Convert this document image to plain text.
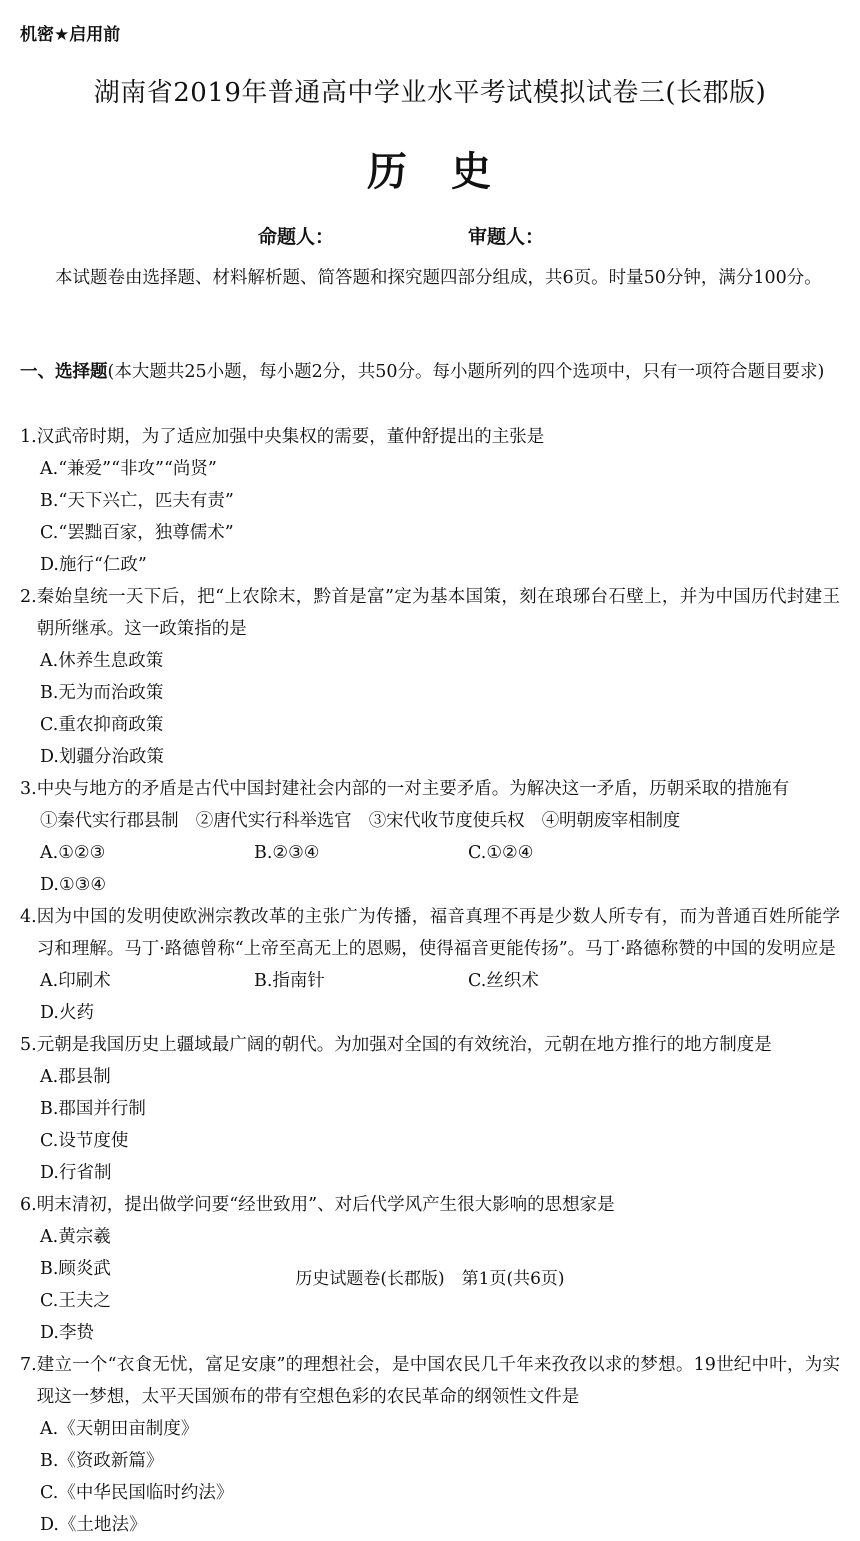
机密★启用前
湖南省2019年普通高中学业水平考试模拟试卷三(长郡版)
历　史
命题人：	审题人：
本试题卷由选择题、材料解析题、简答题和探究题四部分组成，共6页。时量50分钟，满分100分。
一、选择题(本大题共25小题，每小题2分，共50分。每小题所列的四个选项中，只有一项符合题目要求)
1. 汉武帝时期，为了适应加强中央集权的需要，董仲舒提出的主张是
A.“兼爱”“非攻”“尚贤”
B.“天下兴亡，匹夫有责”
C.“罢黜百家，独尊儒术”
D.施行“仁政”
2. 秦始皇统一天下后，把“上农除末，黔首是富”定为基本国策，刻在琅琊台石壁上，并为中国历代封建王朝所继承。这一政策指的是
A.休养生息政策
B.无为而治政策
C.重农抑商政策
D.划疆分治政策
3. 中央与地方的矛盾是古代中国封建社会内部的一对主要矛盾。为解决这一矛盾，历朝采取的措施有
①秦代实行郡县制　②唐代实行科举选官　③宋代收节度使兵权　④明朝废宰相制度
A.①②③	B.②③④	C.①②④
D.①③④
4. 因为中国的发明使欧洲宗教改革的主张广为传播，福音真理不再是少数人所专有，而为普通百姓所能学习和理解。马丁·路德曾称“上帝至高无上的恩赐，使得福音更能传扬”。马丁·路德称赞的中国的发明应是
A.印刷术	B.指南针	C.丝织术
D.火药
5. 元朝是我国历史上疆域最广阔的朝代。为加强对全国的有效统治，元朝在地方推行的地方制度是
A.郡县制
B.郡国并行制
C.设节度使
D.行省制
6. 明末清初，提出做学问要“经世致用”、对后代学风产生很大影响的思想家是
A.黄宗羲
B.顾炎武
C.王夫之
D.李贽
7. 建立一个“衣食无忧，富足安康”的理想社会，是中国农民几千年来孜孜以求的梦想。19世纪中叶，为实现这一梦想，太平天国颁布的带有空想色彩的农民革命的纲领性文件是
A.《天朝田亩制度》
B.《资政新篇》
C.《中华民国临时约法》
D.《土地法》
历史试题卷(长郡版)　第1页(共6页)
